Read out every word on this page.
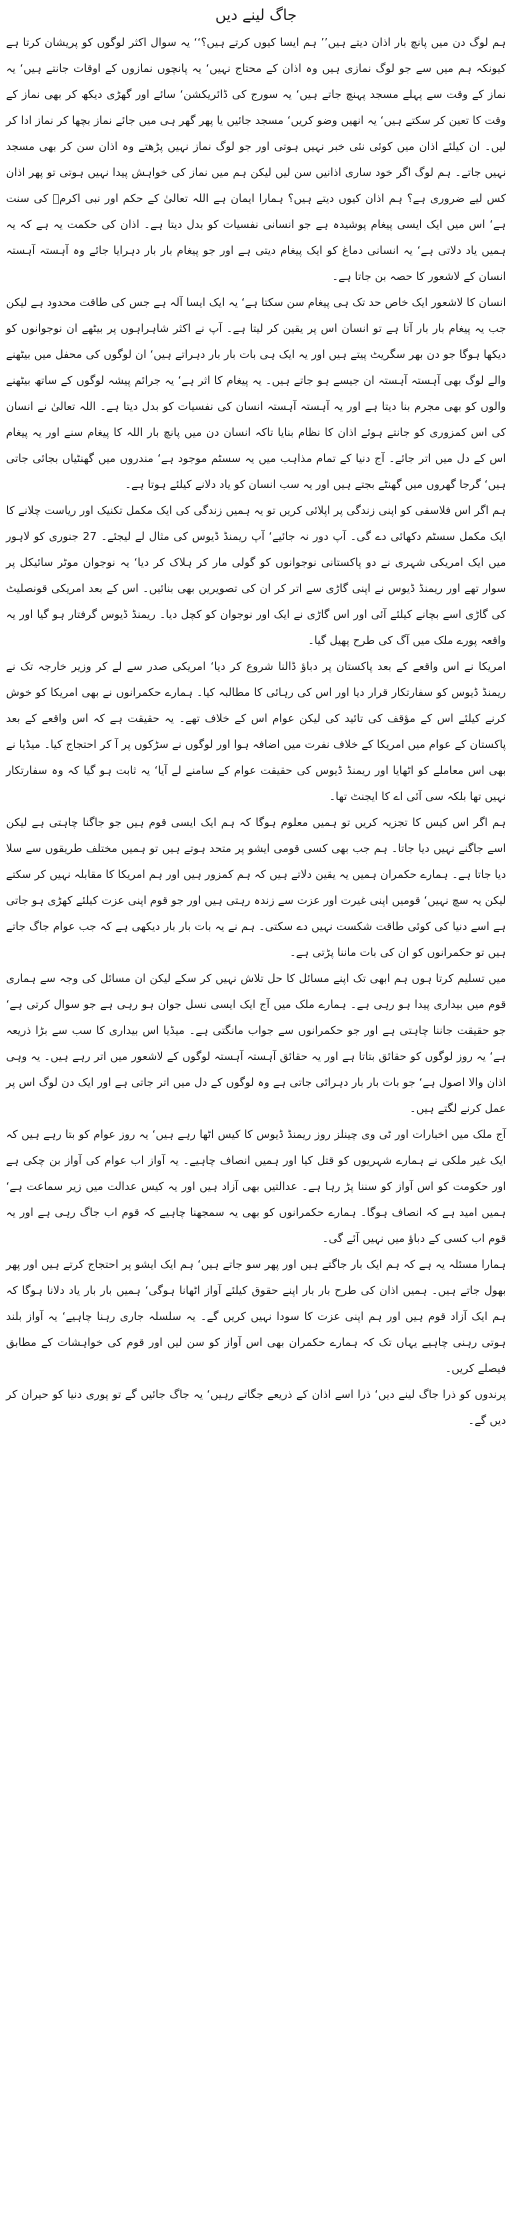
جاگ لینے دیں

ہم لوگ دن میں پانچ بار اذان دیتے ہیں’’ ہم ایسا کیوں کرتے ہیں؟‘‘ یہ سوال اکثر لوگوں کو پریشان کرتا ہے کیونکہ ہم میں سے جو لوگ نمازی ہیں وہ اذان کے محتاج نہیں‘ یہ پانچوں نمازوں کے اوقات جانتے ہیں‘ یہ نماز کے وقت سے پہلے مسجد پہنچ جاتے ہیں‘ یہ سورج کی ڈائریکشن‘ سائے اور گھڑی دیکھ کر بھی نماز کے وقت کا تعین کر سکتے ہیں‘ یہ انھیں وضو کریں‘ مسجد جائیں یا پھر گھر ہی میں جائے نماز بچھا کر نماز ادا کر لیں۔ ان کیلئے اذان میں کوئی نئی خبر نہیں ہوتی اور جو لوگ نماز نہیں پڑھتے وہ اذان سن کر بھی مسجد نہیں جاتے۔ ہم لوگ اگر خود ساری اذانیں سن لیں لیکن ہم میں نماز کی خواہش پیدا نہیں ہوتی تو پھر اذان کس لیے ضروری ہے؟ ہم اذان کیوں دیتے ہیں؟ ہمارا ایمان ہے اللہ تعالیٰ کے حکم اور نبی اکرمؐ کی سنت ہے‘ اس میں ایک ایسی پیغام پوشیدہ ہے جو انسانی نفسیات کو بدل دیتا ہے۔ اذان کی حکمت یہ ہے کہ یہ ہمیں یاد دلاتی ہے‘ یہ انسانی دماغ کو ایک پیغام دیتی ہے اور جو پیغام بار بار دہرایا جائے وہ آہستہ آہستہ انسان کے لاشعور کا حصہ بن جاتا ہے۔

انسان کا لاشعور ایک خاص حد تک ہی پیغام سن سکتا ہے‘ یہ ایک ایسا آلہ ہے جس کی طاقت محدود ہے لیکن جب یہ پیغام بار بار آتا ہے تو انسان اس پر یقین کر لیتا ہے۔ آپ نے اکثر شاہراہوں پر بیٹھے ان نوجوانوں کو دیکھا ہوگا جو دن بھر سگریٹ پیتے ہیں اور یہ ایک ہی بات بار بار دہراتے ہیں‘ ان لوگوں کی محفل میں بیٹھنے والے لوگ بھی آہستہ آہستہ ان جیسے ہو جاتے ہیں۔ یہ پیغام کا اثر ہے‘ یہ جرائم پیشہ لوگوں کے ساتھ بیٹھنے والوں کو بھی مجرم بنا دیتا ہے اور یہ آہستہ آہستہ انسان کی نفسیات کو بدل دیتا ہے۔ اللہ تعالیٰ نے انسان کی اس کمزوری کو جانتے ہوئے اذان کا نظام بنایا تاکہ انسان دن میں پانچ بار اللہ کا پیغام سنے اور یہ پیغام اس کے دل میں اتر جائے۔ آج دنیا کے تمام مذاہب میں یہ سسٹم موجود ہے‘ مندروں میں گھنٹیاں بجائی جاتی ہیں‘ گرجا گھروں میں گھنٹے بجتے ہیں اور یہ سب انسان کو یاد دلانے کیلئے ہوتا ہے۔

ہم اگر اس فلاسفی کو اپنی زندگی پر اپلائی کریں تو یہ ہمیں زندگی کی ایک مکمل تکنیک اور ریاست چلانے کا ایک مکمل سسٹم دکھائی دے گی۔ آپ دور نہ جائیے‘ آپ ریمنڈ ڈیوس کی مثال لے لیجئے۔ 27 جنوری کو لاہور میں ایک امریکی شہری نے دو پاکستانی نوجوانوں کو گولی مار کر ہلاک کر دیا‘ یہ نوجوان موٹر سائیکل پر سوار تھے اور ریمنڈ ڈیوس نے اپنی گاڑی سے اتر کر ان کی تصویریں بھی بنائیں۔ اس کے بعد امریکی قونصلیٹ کی گاڑی اسے بچانے کیلئے آئی اور اس گاڑی نے ایک اور نوجوان کو کچل دیا۔ ریمنڈ ڈیوس گرفتار ہو گیا اور یہ واقعہ پورے ملک میں آگ کی طرح پھیل گیا۔

امریکا نے اس واقعے کے بعد پاکستان پر دباؤ ڈالنا شروع کر دیا‘ امریکی صدر سے لے کر وزیر خارجہ تک نے ریمنڈ ڈیوس کو سفارتکار قرار دیا اور اس کی رہائی کا مطالبہ کیا۔ ہمارے حکمرانوں نے بھی امریکا کو خوش کرنے کیلئے اس کے مؤقف کی تائید کی لیکن عوام اس کے خلاف تھے۔ یہ حقیقت ہے کہ اس واقعے کے بعد پاکستان کے عوام میں امریکا کے خلاف نفرت میں اضافہ ہوا اور لوگوں نے سڑکوں پر آ کر احتجاج کیا۔ میڈیا نے بھی اس معاملے کو اٹھایا اور ریمنڈ ڈیوس کی حقیقت عوام کے سامنے لے آیا‘ یہ ثابت ہو گیا کہ وہ سفارتکار نہیں تھا بلکہ سی آئی اے کا ایجنٹ تھا۔

ہم اگر اس کیس کا تجزیہ کریں تو ہمیں معلوم ہوگا کہ ہم ایک ایسی قوم ہیں جو جاگنا چاہتی ہے لیکن اسے جاگنے نہیں دیا جاتا۔ ہم جب بھی کسی قومی ایشو پر متحد ہوتے ہیں تو ہمیں مختلف طریقوں سے سلا دیا جاتا ہے۔ ہمارے حکمران ہمیں یہ یقین دلاتے ہیں کہ ہم کمزور ہیں اور ہم امریکا کا مقابلہ نہیں کر سکتے لیکن یہ سچ نہیں‘ قومیں اپنی غیرت اور عزت سے زندہ رہتی ہیں اور جو قوم اپنی عزت کیلئے کھڑی ہو جاتی ہے اسے دنیا کی کوئی طاقت شکست نہیں دے سکتی۔ ہم نے یہ بات بار بار دیکھی ہے کہ جب عوام جاگ جاتے ہیں تو حکمرانوں کو ان کی بات ماننا پڑتی ہے۔

میں تسلیم کرتا ہوں ہم ابھی تک اپنے مسائل کا حل تلاش نہیں کر سکے لیکن ان مسائل کی وجہ سے ہماری قوم میں بیداری پیدا ہو رہی ہے۔ ہمارے ملک میں آج ایک ایسی نسل جوان ہو رہی ہے جو سوال کرتی ہے‘ جو حقیقت جاننا چاہتی ہے اور جو حکمرانوں سے جواب مانگتی ہے۔ میڈیا اس بیداری کا سب سے بڑا ذریعہ ہے‘ یہ روز لوگوں کو حقائق بتاتا ہے اور یہ حقائق آہستہ آہستہ لوگوں کے لاشعور میں اتر رہے ہیں۔ یہ وہی اذان والا اصول ہے‘ جو بات بار بار دہرائی جاتی ہے وہ لوگوں کے دل میں اتر جاتی ہے اور ایک دن لوگ اس پر عمل کرنے لگتے ہیں۔

آج ملک میں اخبارات اور ٹی وی چینلز روز ریمنڈ ڈیوس کا کیس اٹھا رہے ہیں‘ یہ روز عوام کو بتا رہے ہیں کہ ایک غیر ملکی نے ہمارے شہریوں کو قتل کیا اور ہمیں انصاف چاہیے۔ یہ آواز اب عوام کی آواز بن چکی ہے اور حکومت کو اس آواز کو سننا پڑ رہا ہے۔ عدالتیں بھی آزاد ہیں اور یہ کیس عدالت میں زیر سماعت ہے‘ ہمیں امید ہے کہ انصاف ہوگا۔ ہمارے حکمرانوں کو بھی یہ سمجھنا چاہیے کہ قوم اب جاگ رہی ہے اور یہ قوم اب کسی کے دباؤ میں نہیں آئے گی۔

ہمارا مسئلہ یہ ہے کہ ہم ایک بار جاگتے ہیں اور پھر سو جاتے ہیں‘ ہم ایک ایشو پر احتجاج کرتے ہیں اور پھر بھول جاتے ہیں۔ ہمیں اذان کی طرح بار بار اپنے حقوق کیلئے آواز اٹھانا ہوگی‘ ہمیں بار بار یاد دلانا ہوگا کہ ہم ایک آزاد قوم ہیں اور ہم اپنی عزت کا سودا نہیں کریں گے۔ یہ سلسلہ جاری رہنا چاہیے‘ یہ آواز بلند ہوتی رہنی چاہیے یہاں تک کہ ہمارے حکمران بھی اس آواز کو سن لیں اور قوم کی خواہشات کے مطابق فیصلے کریں۔

پرندوں کو ذرا جاگ لینے دیں‘ ذرا اسے اذان کے ذریعے جگاتے رہیں‘ یہ جاگ جائیں گے تو پوری دنیا کو حیران کر دیں گے۔
